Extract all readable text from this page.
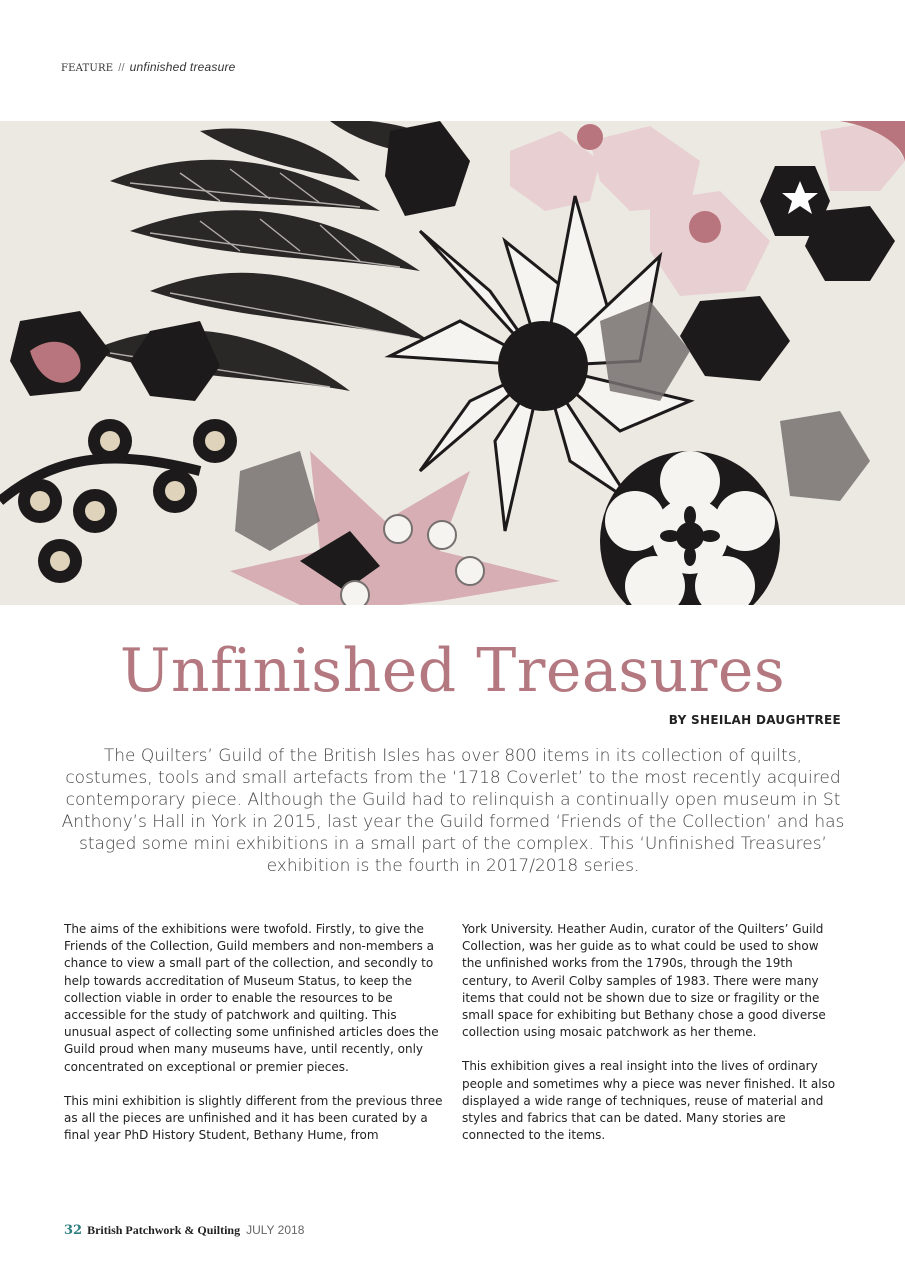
FEATURE // unfinished treasure
Unfinished Treasures
BY SHEILAH DAUGHTREE
The Quilters’ Guild of the British Isles has over 800 items in its collection of quilts, costumes, tools and small artefacts from the ‘1718 Coverlet’ to the most recently acquired contemporary piece. Although the Guild had to relinquish a continually open museum in St Anthony’s Hall in York in 2015, last year the Guild formed ‘Friends of the Collection’ and has staged some mini exhibitions in a small part of the complex. This ‘Unfinished Treasures’ exhibition is the fourth in 2017/2018 series.

The aims of the exhibitions were twofold. Firstly, to give the Friends of the Collection, Guild members and non-members a chance to view a small part of the collection, and secondly to help towards accreditation of Museum Status, to keep the collection viable in order to enable the resources to be accessible for the study of patchwork and quilting. This unusual aspect of collecting some unfinished articles does the Guild proud when many museums have, until recently, only concentrated on exceptional or premier pieces.

This mini exhibition is slightly different from the previous three as all the pieces are unfinished and it has been curated by a final year PhD History Student, Bethany Hume, from

York University. Heather Audin, curator of the Quilters’ Guild Collection, was her guide as to what could be used to show the unfinished works from the 1790s, through the 19th century, to Averil Colby samples of 1983. There were many items that could not be shown due to size or fragility or the small space for exhibiting but Bethany chose a good diverse collection using mosaic patchwork as her theme.

This exhibition gives a real insight into the lives of ordinary people and sometimes why a piece was never finished. It also displayed a wide range of techniques, reuse of material and styles and fabrics that can be dated. Many stories are connected to the items.

32 British Patchwork & Quilting JULY 2018
